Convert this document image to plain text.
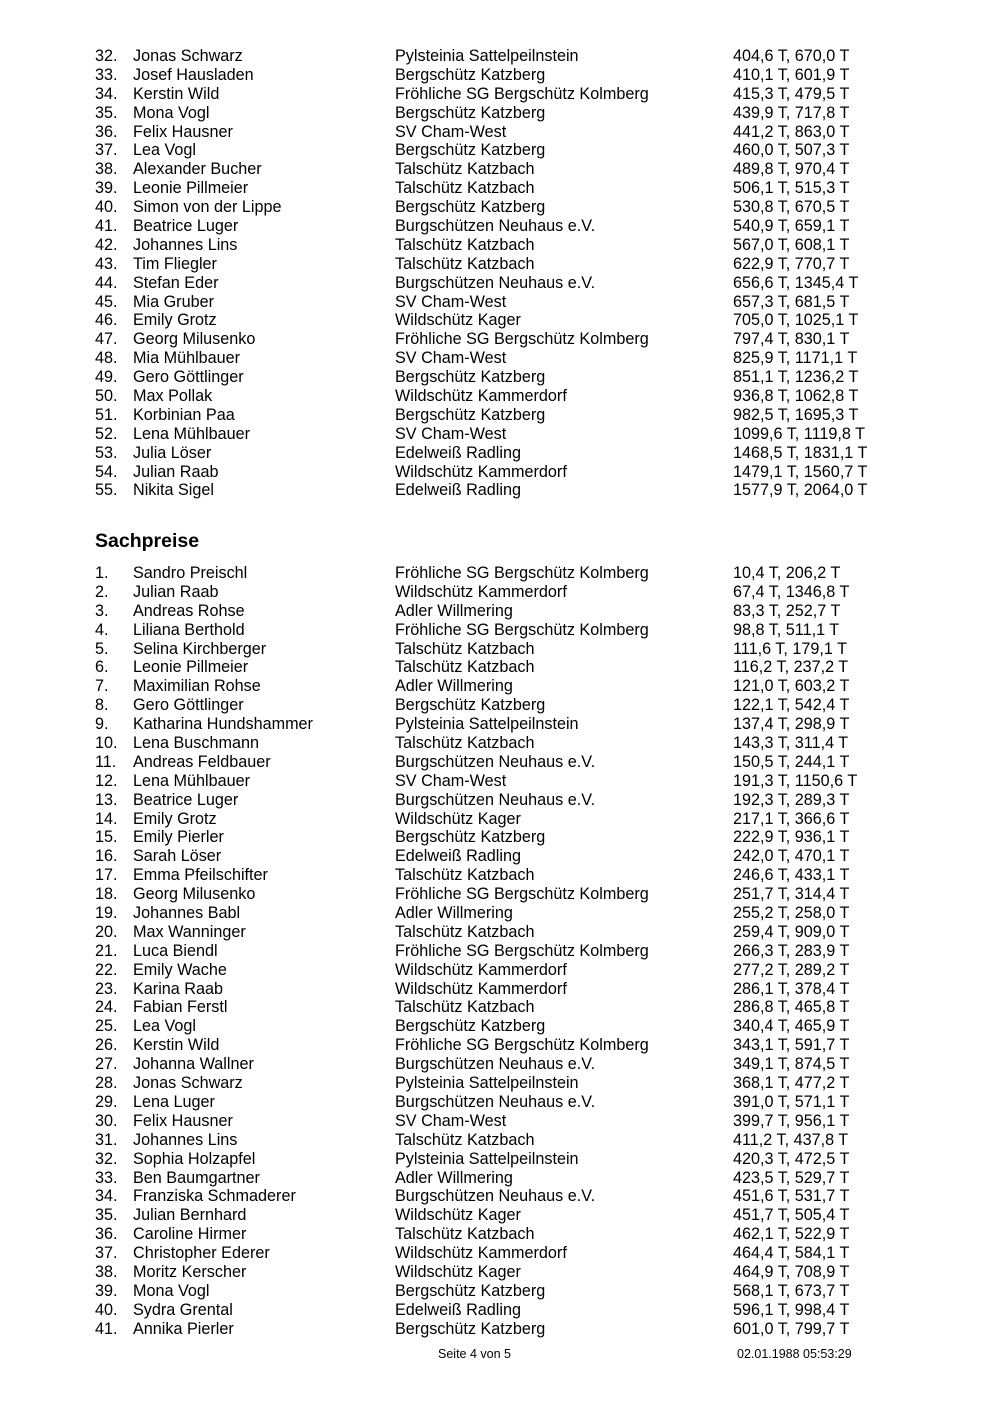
32. Jonas Schwarz	Pylsteinia Sattelpeilnstein	404,6 T, 670,0 T
33. Josef Hausladen	Bergschütz Katzberg	410,1 T, 601,9 T
34. Kerstin Wild	Fröhliche SG Bergschütz Kolmberg	415,3 T, 479,5 T
35. Mona Vogl	Bergschütz Katzberg	439,9 T, 717,8 T
36. Felix Hausner	SV Cham-West	441,2 T, 863,0 T
37. Lea Vogl	Bergschütz Katzberg	460,0 T, 507,3 T
38. Alexander Bucher	Talschütz Katzbach	489,8 T, 970,4 T
39. Leonie Pillmeier	Talschütz Katzbach	506,1 T, 515,3 T
40. Simon von der Lippe	Bergschütz Katzberg	530,8 T, 670,5 T
41. Beatrice Luger	Burgschützen Neuhaus e.V.	540,9 T, 659,1 T
42. Johannes Lins	Talschütz Katzbach	567,0 T, 608,1 T
43. Tim Fliegler	Talschütz Katzbach	622,9 T, 770,7 T
44. Stefan Eder	Burgschützen Neuhaus e.V.	656,6 T, 1345,4 T
45. Mia Gruber	SV Cham-West	657,3 T, 681,5 T
46. Emily Grotz	Wildschütz Kager	705,0 T, 1025,1 T
47. Georg Milusenko	Fröhliche SG Bergschütz Kolmberg	797,4 T, 830,1 T
48. Mia Mühlbauer	SV Cham-West	825,9 T, 1171,1 T
49. Gero Göttlinger	Bergschütz Katzberg	851,1 T, 1236,2 T
50. Max Pollak	Wildschütz Kammerdorf	936,8 T, 1062,8 T
51. Korbinian Paa	Bergschütz Katzberg	982,5 T, 1695,3 T
52. Lena Mühlbauer	SV Cham-West	1099,6 T, 1119,8 T
53. Julia Löser	Edelweiß Radling	1468,5 T, 1831,1 T
54. Julian Raab	Wildschütz Kammerdorf	1479,1 T, 1560,7 T
55. Nikita Sigel	Edelweiß Radling	1577,9 T, 2064,0 T
Sachpreise
1. Sandro Preischl	Fröhliche SG Bergschütz Kolmberg	10,4 T, 206,2 T
2. Julian Raab	Wildschütz Kammerdorf	67,4 T, 1346,8 T
3. Andreas Rohse	Adler Willmering	83,3 T, 252,7 T
4. Liliana Berthold	Fröhliche SG Bergschütz Kolmberg	98,8 T, 511,1 T
5. Selina Kirchberger	Talschütz Katzbach	111,6 T, 179,1 T
6. Leonie Pillmeier	Talschütz Katzbach	116,2 T, 237,2 T
7. Maximilian Rohse	Adler Willmering	121,0 T, 603,2 T
8. Gero Göttlinger	Bergschütz Katzberg	122,1 T, 542,4 T
9. Katharina Hundshammer	Pylsteinia Sattelpeilnstein	137,4 T, 298,9 T
10. Lena Buschmann	Talschütz Katzbach	143,3 T, 311,4 T
11. Andreas Feldbauer	Burgschützen Neuhaus e.V.	150,5 T, 244,1 T
12. Lena Mühlbauer	SV Cham-West	191,3 T, 1150,6 T
13. Beatrice Luger	Burgschützen Neuhaus e.V.	192,3 T, 289,3 T
14. Emily Grotz	Wildschütz Kager	217,1 T, 366,6 T
15. Emily Pierler	Bergschütz Katzberg	222,9 T, 936,1 T
16. Sarah Löser	Edelweiß Radling	242,0 T, 470,1 T
17. Emma Pfeilschifter	Talschütz Katzbach	246,6 T, 433,1 T
18. Georg Milusenko	Fröhliche SG Bergschütz Kolmberg	251,7 T, 314,4 T
19. Johannes Babl	Adler Willmering	255,2 T, 258,0 T
20. Max Wanninger	Talschütz Katzbach	259,4 T, 909,0 T
21. Luca Biendl	Fröhliche SG Bergschütz Kolmberg	266,3 T, 283,9 T
22. Emily Wache	Wildschütz Kammerdorf	277,2 T, 289,2 T
23. Karina Raab	Wildschütz Kammerdorf	286,1 T, 378,4 T
24. Fabian Ferstl	Talschütz Katzbach	286,8 T, 465,8 T
25. Lea Vogl	Bergschütz Katzberg	340,4 T, 465,9 T
26. Kerstin Wild	Fröhliche SG Bergschütz Kolmberg	343,1 T, 591,7 T
27. Johanna Wallner	Burgschützen Neuhaus e.V.	349,1 T, 874,5 T
28. Jonas Schwarz	Pylsteinia Sattelpeilnstein	368,1 T, 477,2 T
29. Lena Luger	Burgschützen Neuhaus e.V.	391,0 T, 571,1 T
30. Felix Hausner	SV Cham-West	399,7 T, 956,1 T
31. Johannes Lins	Talschütz Katzbach	411,2 T, 437,8 T
32. Sophia Holzapfel	Pylsteinia Sattelpeilnstein	420,3 T, 472,5 T
33. Ben Baumgartner	Adler Willmering	423,5 T, 529,7 T
34. Franziska Schmaderer	Burgschützen Neuhaus e.V.	451,6 T, 531,7 T
35. Julian Bernhard	Wildschütz Kager	451,7 T, 505,4 T
36. Caroline Hirmer	Talschütz Katzbach	462,1 T, 522,9 T
37. Christopher Ederer	Wildschütz Kammerdorf	464,4 T, 584,1 T
38. Moritz Kerscher	Wildschütz Kager	464,9 T, 708,9 T
39. Mona Vogl	Bergschütz Katzberg	568,1 T, 673,7 T
40. Sydra Grental	Edelweiß Radling	596,1 T, 998,4 T
41. Annika Pierler	Bergschütz Katzberg	601,0 T, 799,7 T
Seite 4 von 5	02.01.1988 05:53:29
